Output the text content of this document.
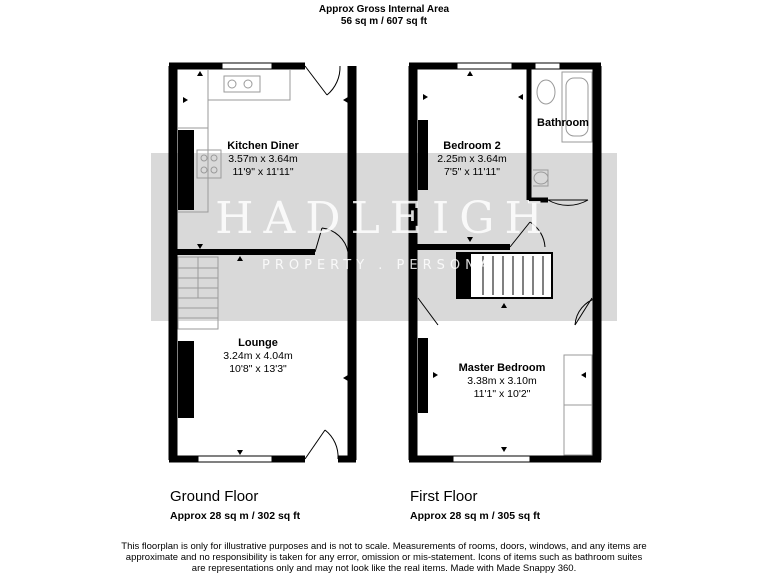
Approx Gross Internal Area
56 sq m / 607 sq ft
HADLEIGH
PROPERTY . PERSONAL
Kitchen Diner
3.57m x 3.64m
11'9" x 11'11"
Lounge
3.24m x 4.04m
10'8" x 13'3"
Bedroom 2
2.25m x 3.64m
7'5" x 11'11"
Bathroom
Master Bedroom
3.38m x 3.10m
11'1" x 10'2"
Ground Floor
Approx 28 sq m / 302 sq ft
First Floor
Approx 28 sq m / 305 sq ft
This floorplan is only for illustrative purposes and is not to scale. Measurements of rooms, doors, windows, and any items are
approximate and no responsibility is taken for any error, omission or mis-statement. Icons of items such as bathroom suites
are representations only and may not look like the real items. Made with Made Snappy 360.
